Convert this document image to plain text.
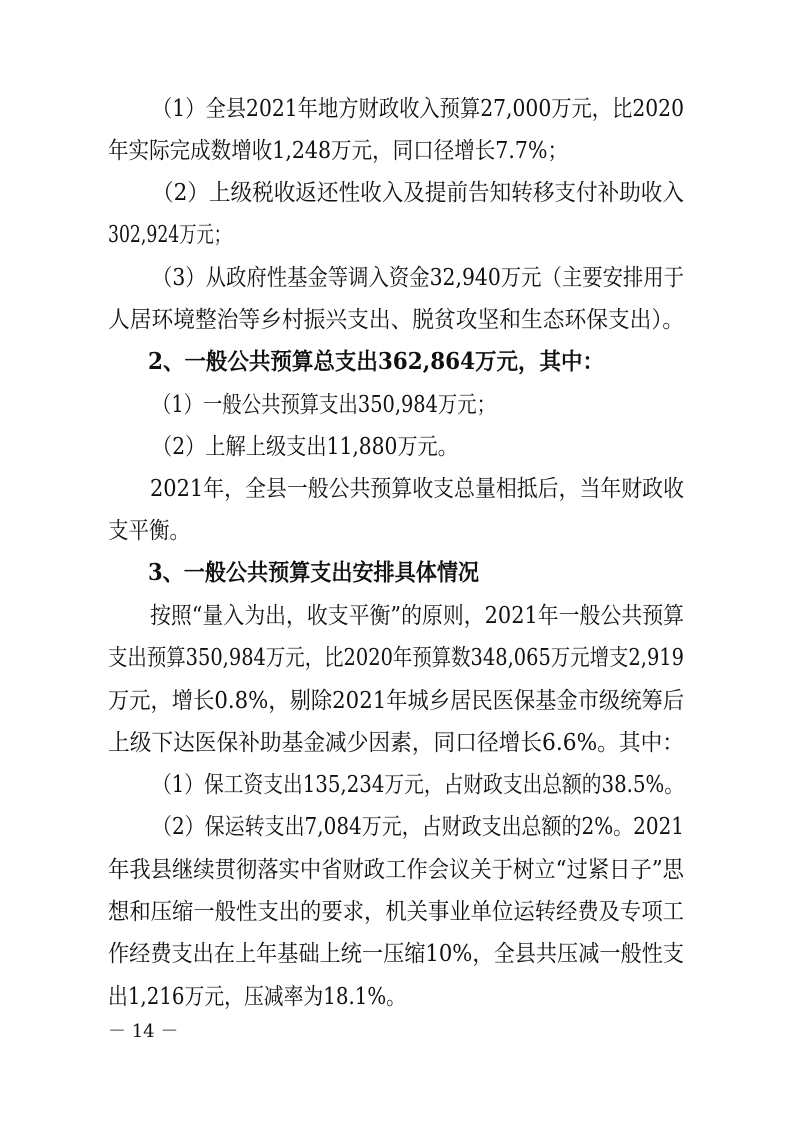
（1）全县2021年地方财政收入预算27,000万元，比2020
年实际完成数增收1,248万元，同口径增长7.7%；
（2）上级税收返还性收入及提前告知转移支付补助收入
302,924万元；
（3）从政府性基金等调入资金32,940万元（主要安排用于
人居环境整治等乡村振兴支出、脱贫攻坚和生态环保支出）。
2、一般公共预算总支出362,864万元，其中：
（1）一般公共预算支出350,984万元；
（2）上解上级支出11,880万元。
2021年，全县一般公共预算收支总量相抵后，当年财政收
支平衡。
3、一般公共预算支出安排具体情况
按照“量入为出，收支平衡”的原则，2021年一般公共预算
支出预算350,984万元，比2020年预算数348,065万元增支2,919
万元，增长0.8%，剔除2021年城乡居民医保基金市级统筹后
上级下达医保补助基金减少因素，同口径增长6.6%。其中：
（1）保工资支出135,234万元，占财政支出总额的38.5%。
（2）保运转支出7,084万元，占财政支出总额的2%。2021
年我县继续贯彻落实中省财政工作会议关于树立“过紧日子”思
想和压缩一般性支出的要求，机关事业单位运转经费及专项工
作经费支出在上年基础上统一压缩10%，全县共压减一般性支
出1,216万元，压减率为18.1%。
－ 14 －
